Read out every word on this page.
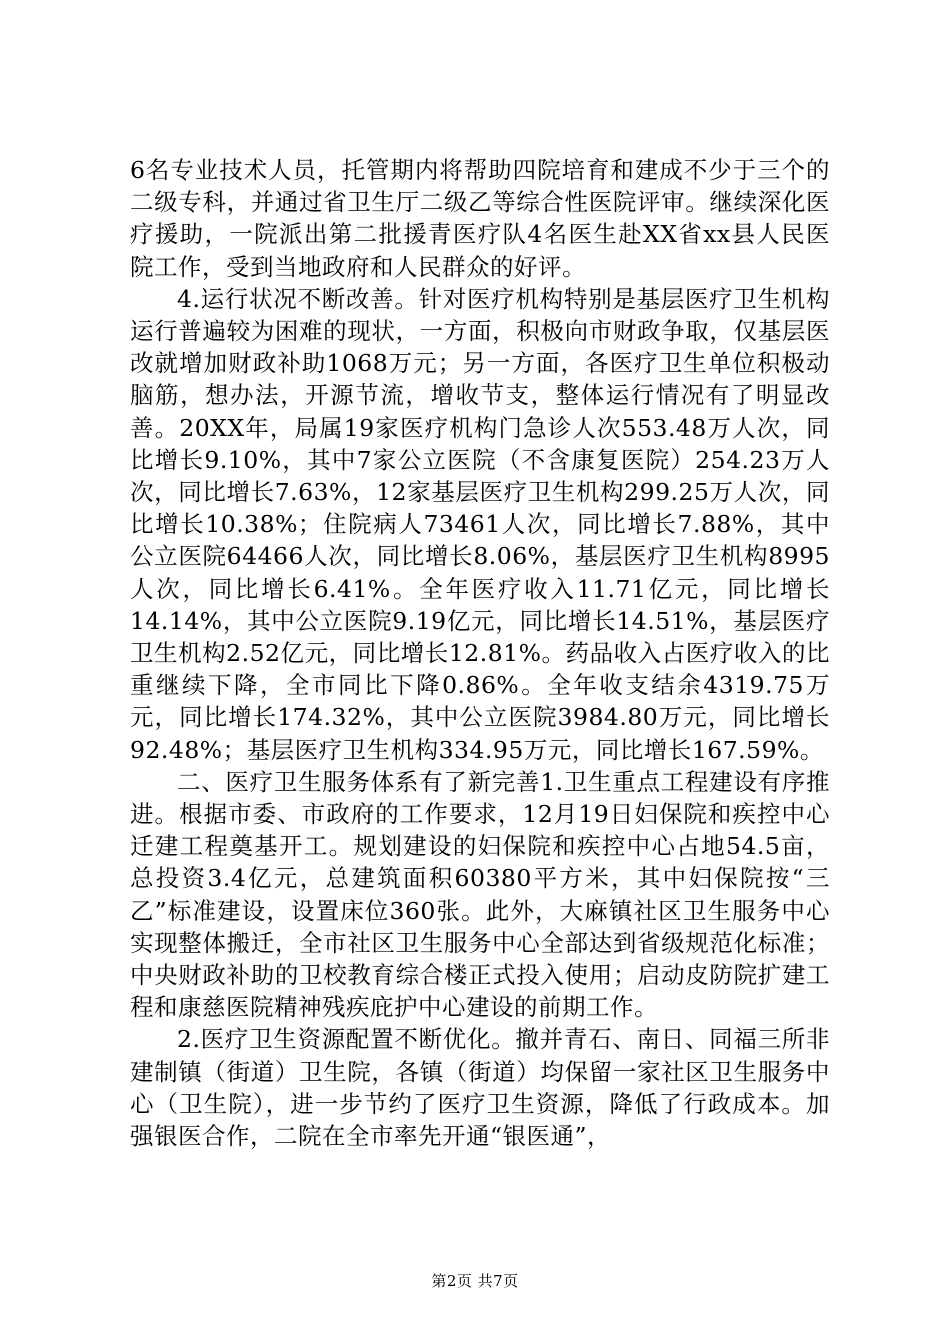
6名专业技术人员，托管期内将帮助四院培育和建成不少于三个的二级专科，并通过省卫生厅二级乙等综合性医院评审。继续深化医疗援助，一院派出第二批援青医疗队4名医生赴XX省xx县人民医院工作，受到当地政府和人民群众的好评。

4.运行状况不断改善。针对医疗机构特别是基层医疗卫生机构运行普遍较为困难的现状，一方面，积极向市财政争取，仅基层医改就增加财政补助1068万元；另一方面，各医疗卫生单位积极动脑筋，想办法，开源节流，增收节支，整体运行情况有了明显改善。20XX年，局属19家医疗机构门急诊人次553.48万人次，同比增长9.10%，其中7家公立医院（不含康复医院）254.23万人次，同比增长7.63%，12家基层医疗卫生机构299.25万人次，同比增长10.38%；住院病人73461人次，同比增长7.88%，其中公立医院64466人次，同比增长8.06%，基层医疗卫生机构8995人次，同比增长6.41%。全年医疗收入11.71亿元，同比增长14.14%，其中公立医院9.19亿元，同比增长14.51%，基层医疗卫生机构2.52亿元，同比增长12.81%。药品收入占医疗收入的比重继续下降，全市同比下降0.86%。全年收支结余4319.75万元，同比增长174.32%，其中公立医院3984.80万元，同比增长92.48%；基层医疗卫生机构334.95万元，同比增长167.59%。

二、医疗卫生服务体系有了新完善1.卫生重点工程建设有序推进。根据市委、市政府的工作要求，12月19日妇保院和疾控中心迁建工程奠基开工。规划建设的妇保院和疾控中心占地54.5亩，总投资3.4亿元，总建筑面积60380平方米，其中妇保院按“三乙”标准建设，设置床位360张。此外，大麻镇社区卫生服务中心实现整体搬迁，全市社区卫生服务中心全部达到省级规范化标准；中央财政补助的卫校教育综合楼正式投入使用；启动皮防院扩建工程和康慈医院精神残疾庇护中心建设的前期工作。

2.医疗卫生资源配置不断优化。撤并青石、南日、同福三所非建制镇（街道）卫生院，各镇（街道）均保留一家社区卫生服务中心（卫生院），进一步节约了医疗卫生资源，降低了行政成本。加强银医合作，二院在全市率先开通“银医通”，

第2页 共7页
